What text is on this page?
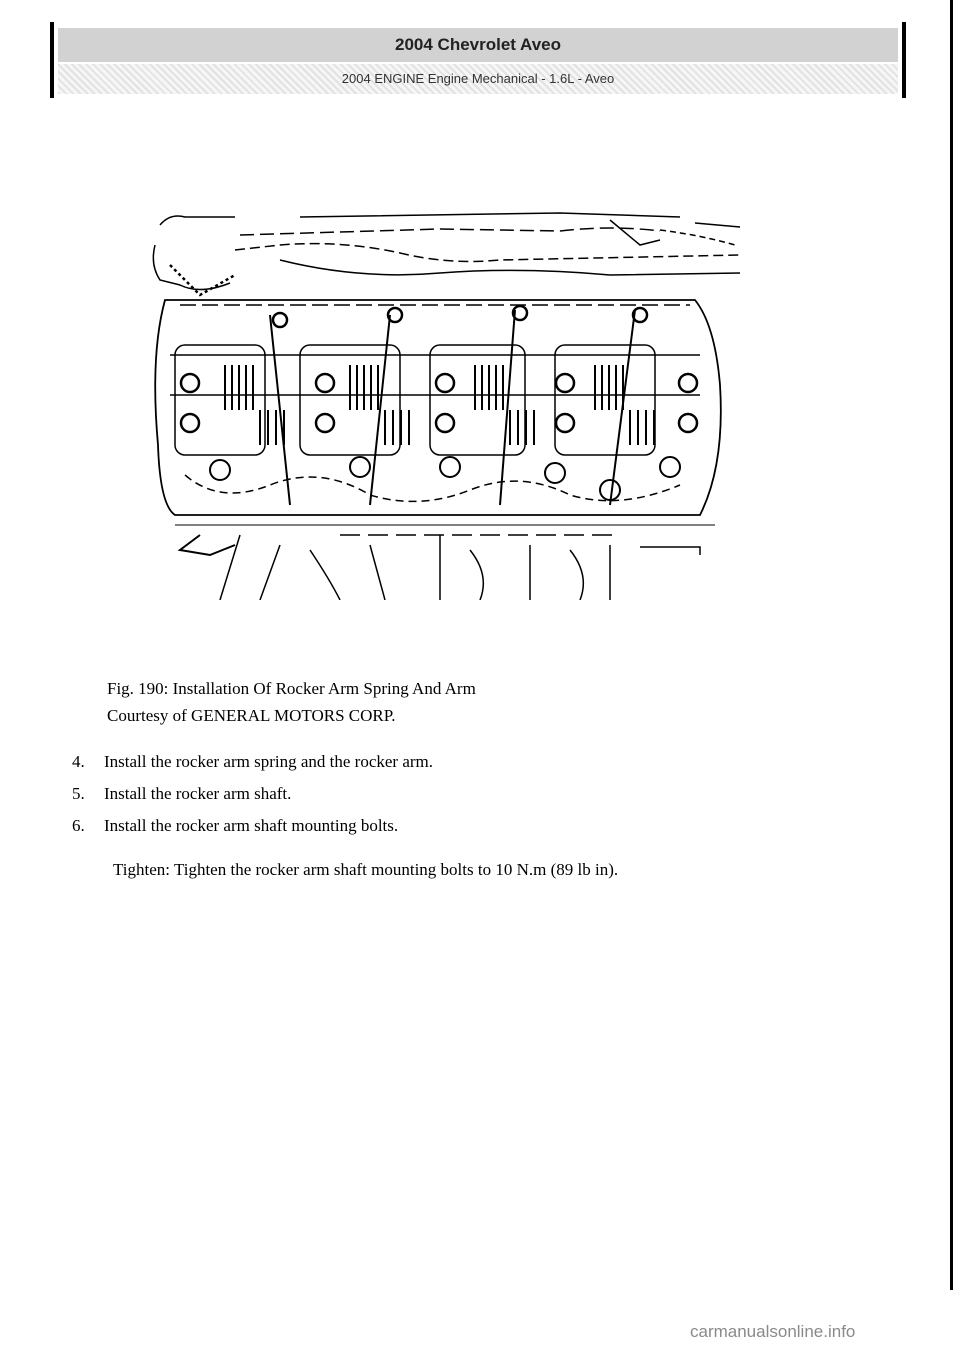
2004 Chevrolet Aveo
2004 ENGINE Engine Mechanical - 1.6L - Aveo
Fig. 190: Installation Of Rocker Arm Spring And Arm
Courtesy of GENERAL MOTORS CORP.
4. Install the rocker arm spring and the rocker arm.
5. Install the rocker arm shaft.
6. Install the rocker arm shaft mounting bolts.
Tighten: Tighten the rocker arm shaft mounting bolts to 10 N.m (89 lb in).
carmanualsonline.info
